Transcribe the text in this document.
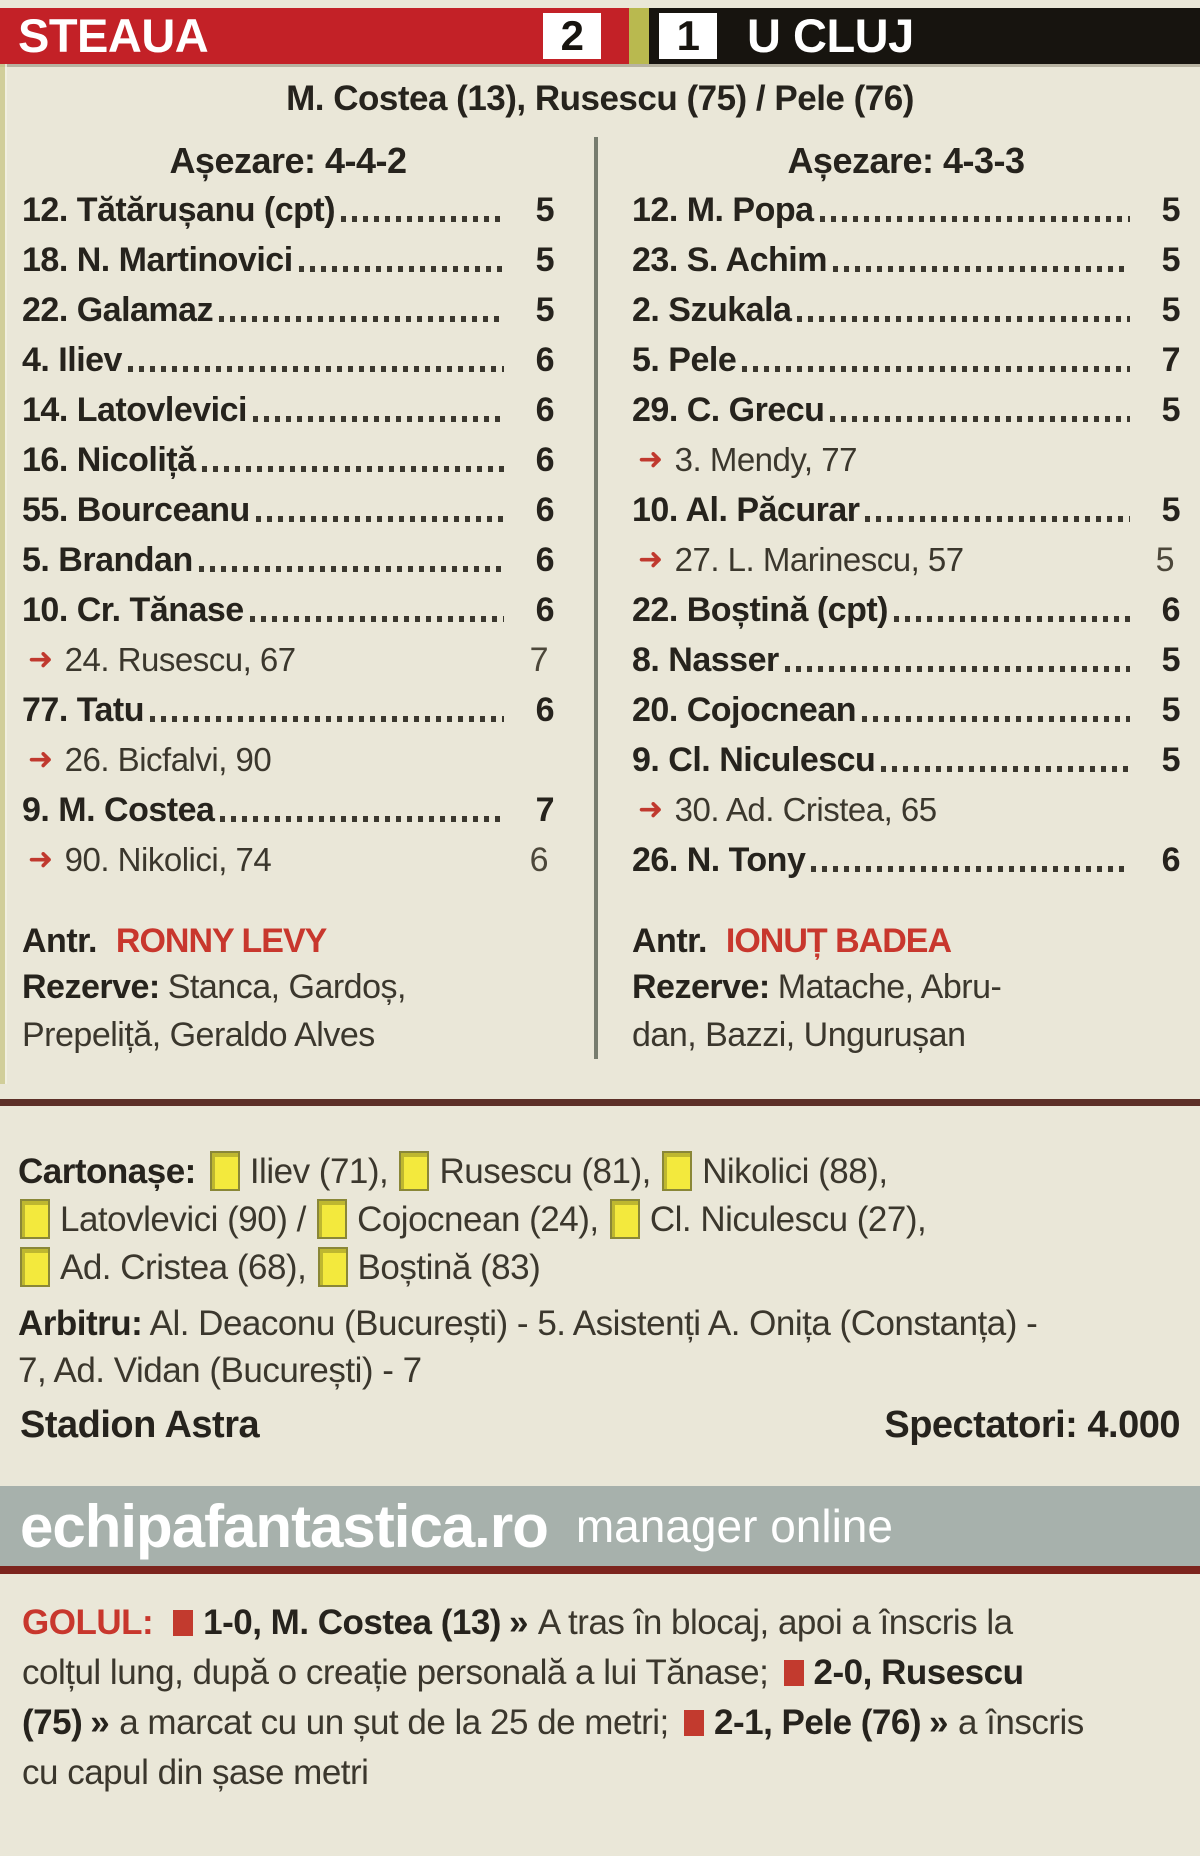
STEAUA	2	1	U CLUJ
M. Costea (13), Rusescu (75) / Pele (76)
Așezare: 4-4-2
12. Tătărușanu (cpt)	5
18. N. Martinovici	5
22. Galamaz	5
4. Iliev	6
14. Latovlevici	6
16. Nicoliță	6
55. Bourceanu	6
5. Brandan	6
10. Cr. Tănase	6
➜ 24. Rusescu, 67	7
77. Tatu	6
➜ 26. Bicfalvi, 90
9. M. Costea	7
➜ 90. Nikolici, 74	6
Antr. RONNY LEVY
Rezerve: Stanca, Gardoș,
Prepeliță, Geraldo Alves
Așezare: 4-3-3
12. M. Popa	5
23. S. Achim	5
2. Szukala	5
5. Pele	7
29. C. Grecu	5
➜ 3. Mendy, 77
10. Al. Păcurar	5
➜ 27. L. Marinescu, 57	5
22. Boștină (cpt)	6
8. Nasser	5
20. Cojocnean	5
9. Cl. Niculescu	5
➜ 30. Ad. Cristea, 65
26. N. Tony	6
Antr. IONUȚ BADEA
Rezerve: Matache, Abru-
dan, Bazzi, Ungurușan
Cartonașe: Iliev (71), Rusescu (81), Nikolici (88),
Latovlevici (90) / Cojocnean (24), Cl. Niculescu (27),
Ad. Cristea (68), Boștină (83)
Arbitru: Al. Deaconu (București) - 5. Asistenți A. Onița (Constanța) - 7, Ad. Vidan (București) - 7
Stadion Astra	Spectatori: 4.000
echipafantastica.ro manager online
GOLUL: 1-0, M. Costea (13) » A tras în blocaj, apoi a înscris la colțul lung, după o creație personală a lui Tănase; 2-0, Rusescu (75) » a marcat cu un șut de la 25 de metri; 2-1, Pele (76) » a înscris cu capul din șase metri
